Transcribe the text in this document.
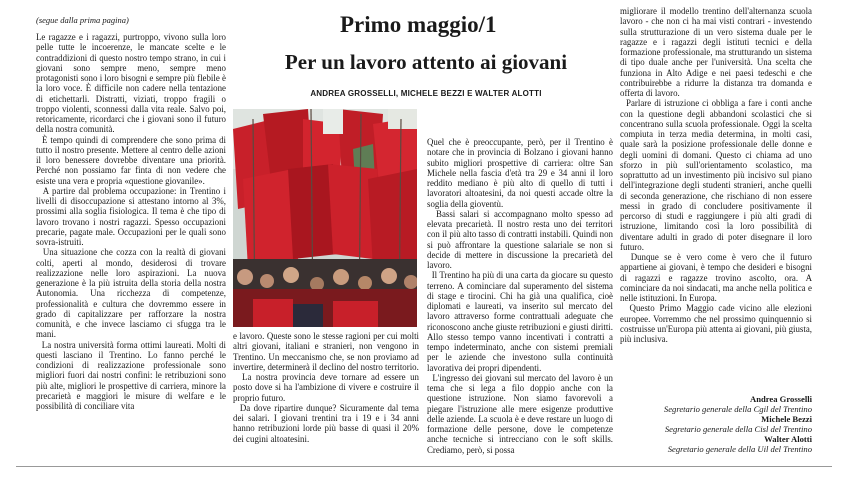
(segue dalla prima pagina)	Primo maggio/1
Per un lavoro attento ai giovani
ANDREA GROSSELLI, MICHELE BEZZI E WALTER ALOTTI

Le ragazze e i ragazzi, purtroppo, vivono sulla loro pelle tutte le incoerenze, le mancate scelte e le contraddizioni di questo nostro tempo strano, in cui i giovani sono sempre meno, sempre meno protagonisti sono i loro bisogni e sempre più flebile è la loro voce. È difficile non cadere nella tentazione di etichettarli. Distratti, viziati, troppo fragili o troppo violenti, sconnessi dalla vita reale. Salvo poi, retoricamente, ricordarci che i giovani sono il futuro della nostra comunità.
È tempo quindi di comprendere che sono prima di tutto il nostro presente. Mettere al centro delle azioni il loro benessere dovrebbe diventare una priorità. Perché non possiamo far finta di non vedere che esiste una vera e propria «questione giovanile».
A partire dal problema occupazione: in Trentino i livelli di disoccupazione si attestano intorno al 3%, prossimi alla soglia fisiologica. Il tema è che tipo di lavoro trovano i nostri ragazzi. Spesso occupazioni precarie, pagate male. Occupazioni per le quali sono sovra-istruiti.
Una situazione che cozza con la realtà di giovani colti, aperti al mondo, desiderosi di trovare realizzazione nelle loro aspirazioni. La nuova generazione è la più istruita della storia della nostra Autonomia. Una ricchezza di competenze, professionalità e cultura che dovremmo essere in grado di capitalizzare per rafforzare la nostra comunità, e che invece lasciamo ci sfugga tra le mani.
La nostra università forma ottimi laureati. Molti di questi lasciano il Trentino. Lo fanno perché le condizioni di realizzazione professionale sono migliori fuori dai nostri confini: le retribuzioni sono più alte, migliori le prospettive di carriera, minore la precarietà e maggiori le misure di welfare e le possibilità di conciliare vita

e lavoro. Queste sono le stesse ragioni per cui molti altri giovani, italiani e stranieri, non vengono in Trentino. Un meccanismo che, se non proviamo ad invertire, determinerà il declino del nostro territorio.
La nostra provincia deve tornare ad essere un posto dove si ha l'ambizione di vivere e costruire il proprio futuro.
Da dove ripartire dunque? Sicuramente dal tema dei salari. I giovani trentini tra i 19 e i 34 anni hanno retribuzioni lorde più basse di quasi il 20% dei cugini altoatesini.

Quel che è preoccupante, però, per il Trentino è notare che in provincia di Bolzano i giovani hanno subito migliori prospettive di carriera: oltre San Michele nella fascia d'età tra 29 e 34 anni il loro reddito mediano è più alto di quello di tutti i lavoratori altoatesini, da noi questi accade oltre la soglia della gioventù.
Bassi salari si accompagnano molto spesso ad elevata precarietà. Il nostro resta uno dei territori con il più alto tasso di contratti instabili. Quindi non si può affrontare la questione salariale se non si decide di mettere in discussione la precarietà del lavoro.
Il Trentino ha più di una carta da giocare su questo terreno. A cominciare dal superamento del sistema di stage e tirocini. Chi ha già una qualifica, cioè diplomati e laureati, va inserito sul mercato del lavoro attraverso forme contrattuali adeguate che riconoscono anche giuste retribuzioni e giusti diritti. Allo stesso tempo vanno incentivati i contratti a tempo indeterminato, anche con sistemi premiali per le aziende che investono sulla continuità lavorativa dei propri dipendenti.
L'ingresso dei giovani sul mercato del lavoro è un tema che si lega a filo doppio anche con la questione istruzione. Non siamo favorevoli a piegare l'istruzione alle mere esigenze produttive delle aziende. La scuola è e deve restare un luogo di formazione delle persone, dove le competenze anche tecniche si intrecciano con le soft skills. Crediamo, però, si possa

migliorare il modello trentino dell'alternanza scuola lavoro - che non ci ha mai visti contrari - investendo sulla strutturazione di un vero sistema duale per le ragazze e i ragazzi degli istituti tecnici e della formazione professionale, ma strutturando un sistema di tipo duale anche per l'università. Una scelta che funziona in Alto Adige e nei paesi tedeschi e che contribuirebbe a ridurre la distanza tra domanda e offerta di lavoro.
Parlare di istruzione ci obbliga a fare i conti anche con la questione degli abbandoni scolastici che si concentrano sulla scuola professionale. Oggi la scelta compiuta in terza media determina, in molti casi, quale sarà la posizione professionale delle donne e degli uomini di domani. Questo ci chiama ad uno sforzo in più sull'orientamento scolastico, ma soprattutto ad un investimento più incisivo sul piano dell'integrazione degli studenti stranieri, anche quelli di seconda generazione, che rischiano di non essere messi in grado di concludere positivamente il percorso di studi e raggiungere i più alti gradi di istruzione, limitando così la loro possibilità di diventare adulti in grado di poter disegnare il loro futuro.
Dunque se è vero come è vero che il futuro appartiene ai giovani, è tempo che desideri e bisogni di ragazzi e ragazze trovino ascolto, ora. A cominciare da noi sindacati, ma anche nella politica e nelle istituzioni. In Europa.
Questo Primo Maggio cade vicino alle elezioni europee. Vorremmo che nel prossimo quinquennio si costruisse un'Europa più attenta ai giovani, più giusta, più inclusiva.

Andrea Grosselli
Segretario generale della Cgil del Trentino
Michele Bezzi
Segretario generale della Cisl del Trentino
Walter Alotti
Segretario generale della Uil del Trentino
